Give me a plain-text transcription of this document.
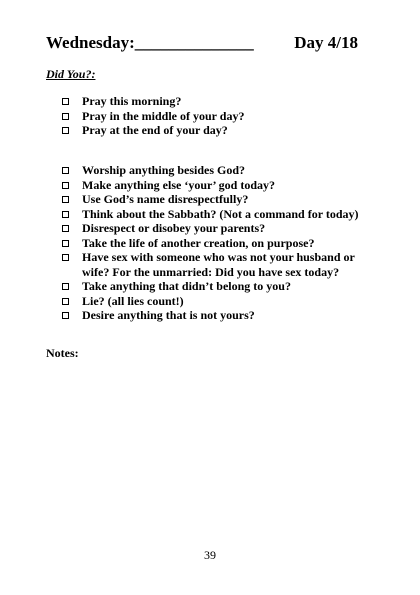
Wednesday:______________ Day 4/18
Did You?:
Pray this morning?
Pray in the middle of your day?
Pray at the end of your day?
Worship anything besides God?
Make anything else ‘your’ god today?
Use God’s name disrespectfully?
Think about the Sabbath? (Not a command for today)
Disrespect or disobey your parents?
Take the life of another creation, on purpose?
Have sex with someone who was not your husband or wife? For the unmarried: Did you have sex today?
Take anything that didn’t belong to you?
Lie? (all lies count!)
Desire anything that is not yours?
Notes:
39
